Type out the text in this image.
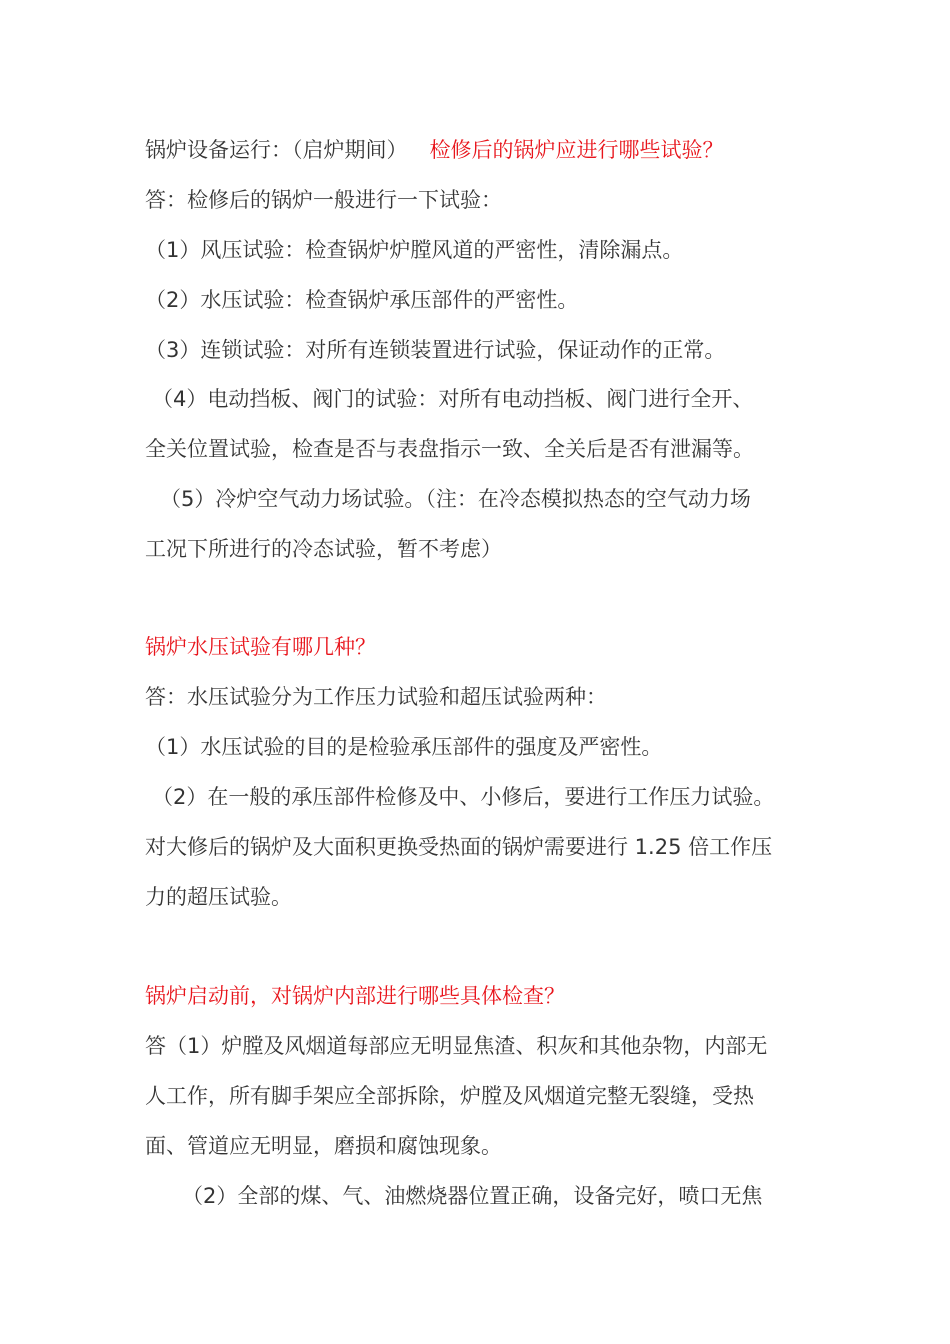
锅炉设备运行：（启炉期间） 检修后的锅炉应进行哪些试验？
答：检修后的锅炉一般进行一下试验：
（1）风压试验：检查锅炉炉膛风道的严密性，清除漏点。
（2）水压试验：检查锅炉承压部件的严密性。
（3）连锁试验：对所有连锁装置进行试验，保证动作的正常。
（4）电动挡板、阀门的试验：对所有电动挡板、阀门进行全开、
全关位置试验，检查是否与表盘指示一致、全关后是否有泄漏等。
（5）冷炉空气动力场试验。（注：在冷态模拟热态的空气动力场
工况下所进行的冷态试验，暂不考虑）
锅炉水压试验有哪几种？
答：水压试验分为工作压力试验和超压试验两种：
（1）水压试验的目的是检验承压部件的强度及严密性。
（2）在一般的承压部件检修及中、小修后，要进行工作压力试验。
对大修后的锅炉及大面积更换受热面的锅炉需要进行 1.25 倍工作压
力的超压试验。
锅炉启动前，对锅炉内部进行哪些具体检查？
答（1）炉膛及风烟道每部应无明显焦渣、积灰和其他杂物，内部无
人工作，所有脚手架应全部拆除，炉膛及风烟道完整无裂缝，受热
面、管道应无明显，磨损和腐蚀现象。
（2）全部的煤、气、油燃烧器位置正确，设备完好，喷口无焦
